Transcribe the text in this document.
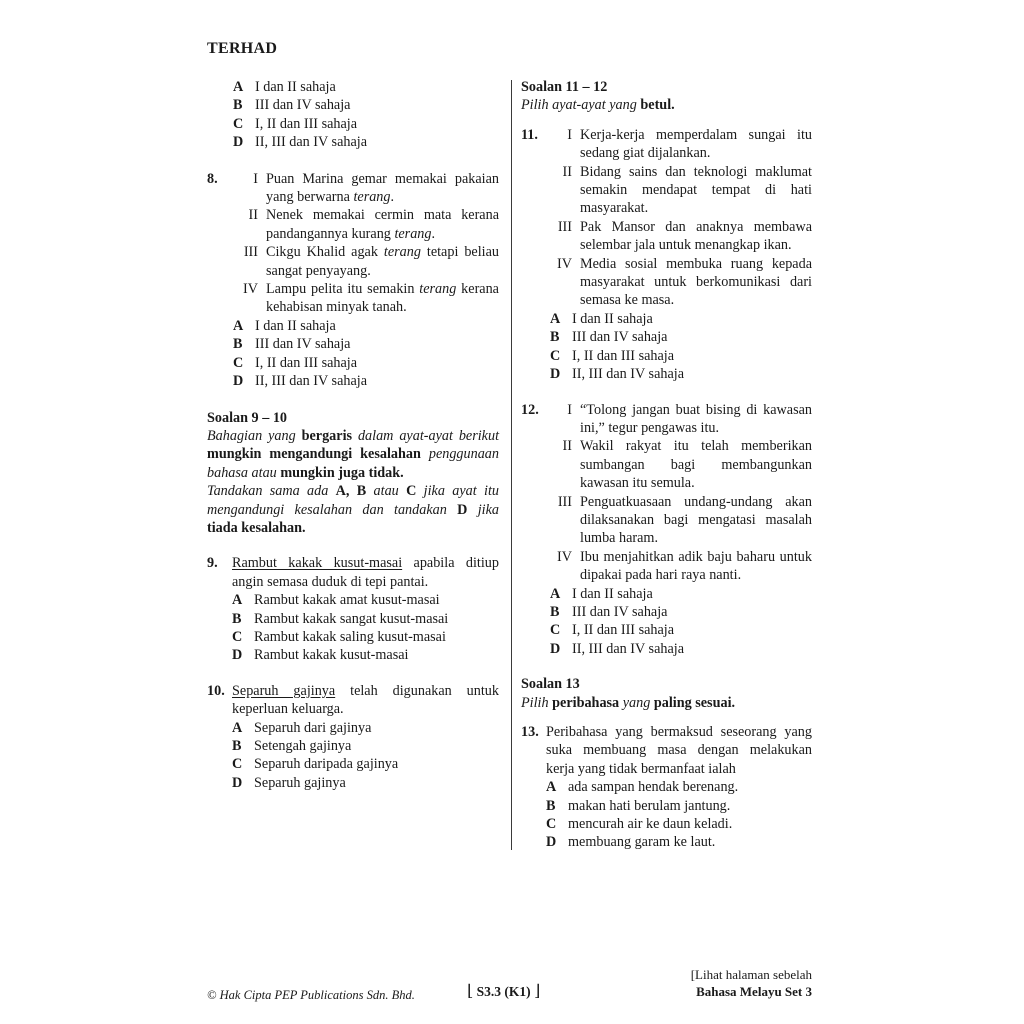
TERHAD
A I dan II sahaja
B III dan IV sahaja
C I, II dan III sahaja
D II, III dan IV sahaja
8.	I Puan Marina gemar memakai pakaian yang berwarna terang.
II Nenek memakai cermin mata kerana pandangannya kurang terang.
III Cikgu Khalid agak terang tetapi beliau sangat penyayang.
IV Lampu pelita itu semakin terang kerana kehabisan minyak tanah.
A I dan II sahaja
B III dan IV sahaja
C I, II dan III sahaja
D II, III dan IV sahaja
Soalan 9 – 10
Bahagian yang bergaris dalam ayat-ayat berikut mungkin mengandungi kesalahan penggunaan bahasa atau mungkin juga tidak.
Tandakan sama ada A, B atau C jika ayat itu mengandungi kesalahan dan tandakan D jika tiada kesalahan.
9.	Rambut kakak kusut-masai apabila ditiup angin semasa duduk di tepi pantai.
A Rambut kakak amat kusut-masai
B Rambut kakak sangat kusut-masai
C Rambut kakak saling kusut-masai
D Rambut kakak kusut-masai
10. Separuh gajinya telah digunakan untuk keperluan keluarga.
A Separuh dari gajinya
B Setengah gajinya
C Separuh daripada gajinya
D Separuh gajinya
Soalan 11 – 12
Pilih ayat-ayat yang betul.
11.	I Kerja-kerja memperdalam sungai itu sedang giat dijalankan.
II Bidang sains dan teknologi maklumat semakin mendapat tempat di hati masyarakat.
III Pak Mansor dan anaknya membawa selembar jala untuk menangkap ikan.
IV Media sosial membuka ruang kepada masyarakat untuk berkomunikasi dari semasa ke masa.
A I dan II sahaja
B III dan IV sahaja
C I, II dan III sahaja
D II, III dan IV sahaja
12.	I “Tolong jangan buat bising di kawasan ini,” tegur pengawas itu.
II Wakil rakyat itu telah memberikan sumbangan bagi membangunkan kawasan itu semula.
III Penguatkuasaan undang-undang akan dilaksanakan bagi mengatasi masalah lumba haram.
IV Ibu menjahitkan adik baju baharu untuk dipakai pada hari raya nanti.
A I dan II sahaja
B III dan IV sahaja
C I, II dan III sahaja
D II, III dan IV sahaja
Soalan 13
Pilih peribahasa yang paling sesuai.
13. Peribahasa yang bermaksud seseorang yang suka membuang masa dengan melakukan kerja yang tidak bermanfaat ialah
A ada sampan hendak berenang.
B makan hati berulam jantung.
C mencurah air ke daun keladi.
D membuang garam ke laut.
© Hak Cipta PEP Publications Sdn. Bhd.	⌊ S3.3 (K1) ⌋
[Lihat halaman sebelah
Bahasa Melayu Set 3
